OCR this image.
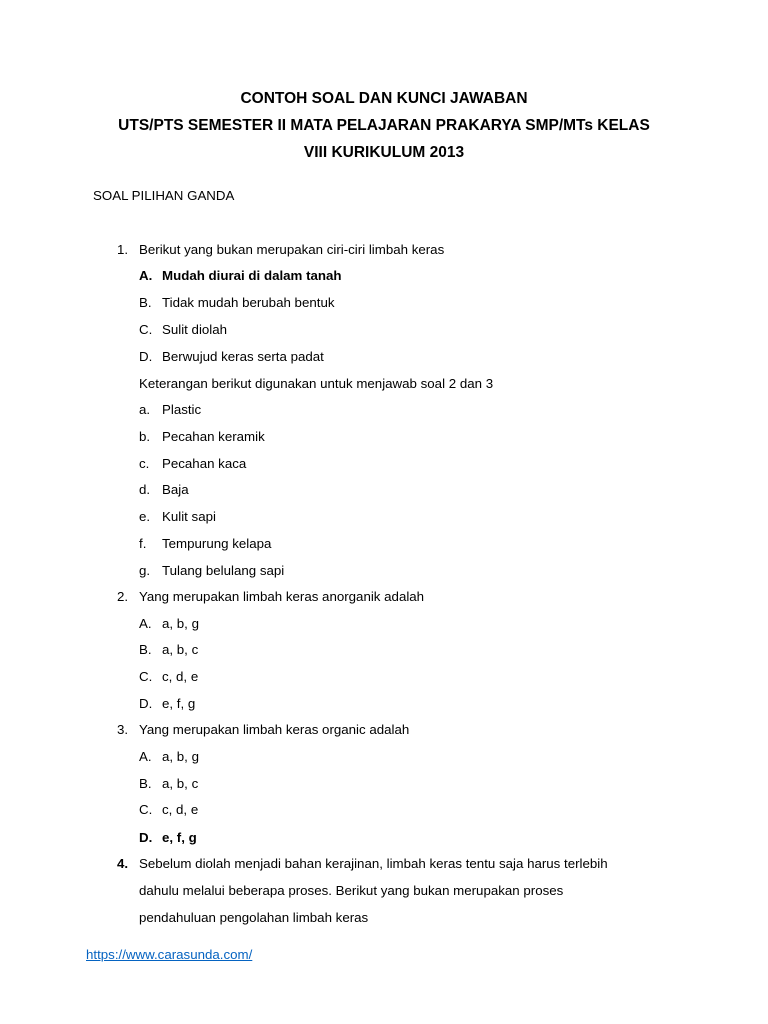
CONTOH SOAL DAN KUNCI JAWABAN
UTS/PTS SEMESTER II MATA PELAJARAN PRAKARYA SMP/MTs KELAS
VIII KURIKULUM 2013
SOAL PILIHAN GANDA
1. Berikut yang bukan merupakan ciri-ciri limbah keras
A. Mudah diurai di dalam tanah
B. Tidak mudah berubah bentuk
C. Sulit diolah
D. Berwujud keras serta padat
Keterangan berikut digunakan untuk menjawab soal 2 dan 3
a. Plastic
b. Pecahan keramik
c. Pecahan kaca
d. Baja
e. Kulit sapi
f. Tempurung kelapa
g. Tulang belulang sapi
2. Yang merupakan limbah keras anorganik adalah
A. a, b, g
B. a, b, c
C. c, d, e
D. e, f, g
3. Yang merupakan limbah keras organic adalah
A. a, b, g
B. a, b, c
C. c, d, e
D. e, f, g
4. Sebelum diolah menjadi bahan kerajinan, limbah keras tentu saja harus terlebih
dahulu melalui beberapa proses. Berikut yang bukan merupakan proses
pendahuluan pengolahan limbah keras
https://www.carasunda.com/
